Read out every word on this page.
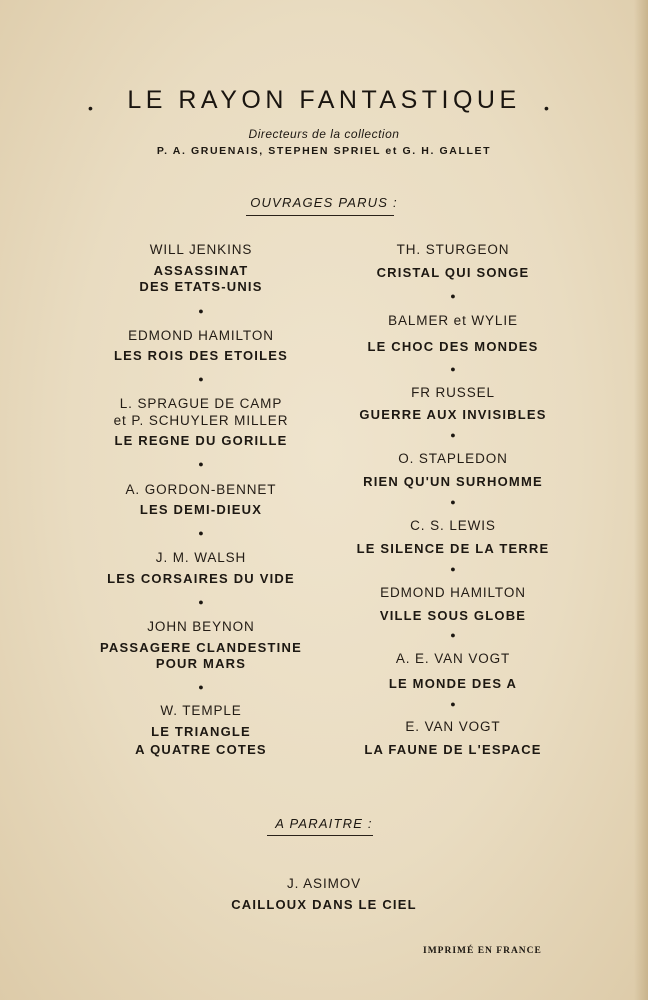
• LE RAYON FANTASTIQUE •
Directeurs de la collection
P. A. GRUENAIS, STEPHEN SPRIEL et G. H. GALLET
OUVRAGES PARUS :
WILL JENKINS
ASSASSINAT
DES ETATS-UNIS
●
EDMOND HAMILTON
LES ROIS DES ETOILES
●
L. SPRAGUE DE CAMP
et P. SCHUYLER MILLER
LE REGNE DU GORILLE
●
A. GORDON-BENNET
LES DEMI-DIEUX
●
J. M. WALSH
LES CORSAIRES DU VIDE
●
JOHN BEYNON
PASSAGERE CLANDESTINE
POUR MARS
●
W. TEMPLE
LE TRIANGLE
A QUATRE COTES
TH. STURGEON
CRISTAL QUI SONGE
●
BALMER et WYLIE
LE CHOC DES MONDES
●
FR RUSSEL
GUERRE AUX INVISIBLES
●
O. STAPLEDON
RIEN QU'UN SURHOMME
●
C. S. LEWIS
LE SILENCE DE LA TERRE
●
EDMOND HAMILTON
VILLE SOUS GLOBE
●
A. E. VAN VOGT
LE MONDE DES A
●
E. VAN VOGT
LA FAUNE DE L'ESPACE
A PARAITRE :
J. ASIMOV
CAILLOUX DANS LE CIEL
IMPRIMÉ EN FRANCE
